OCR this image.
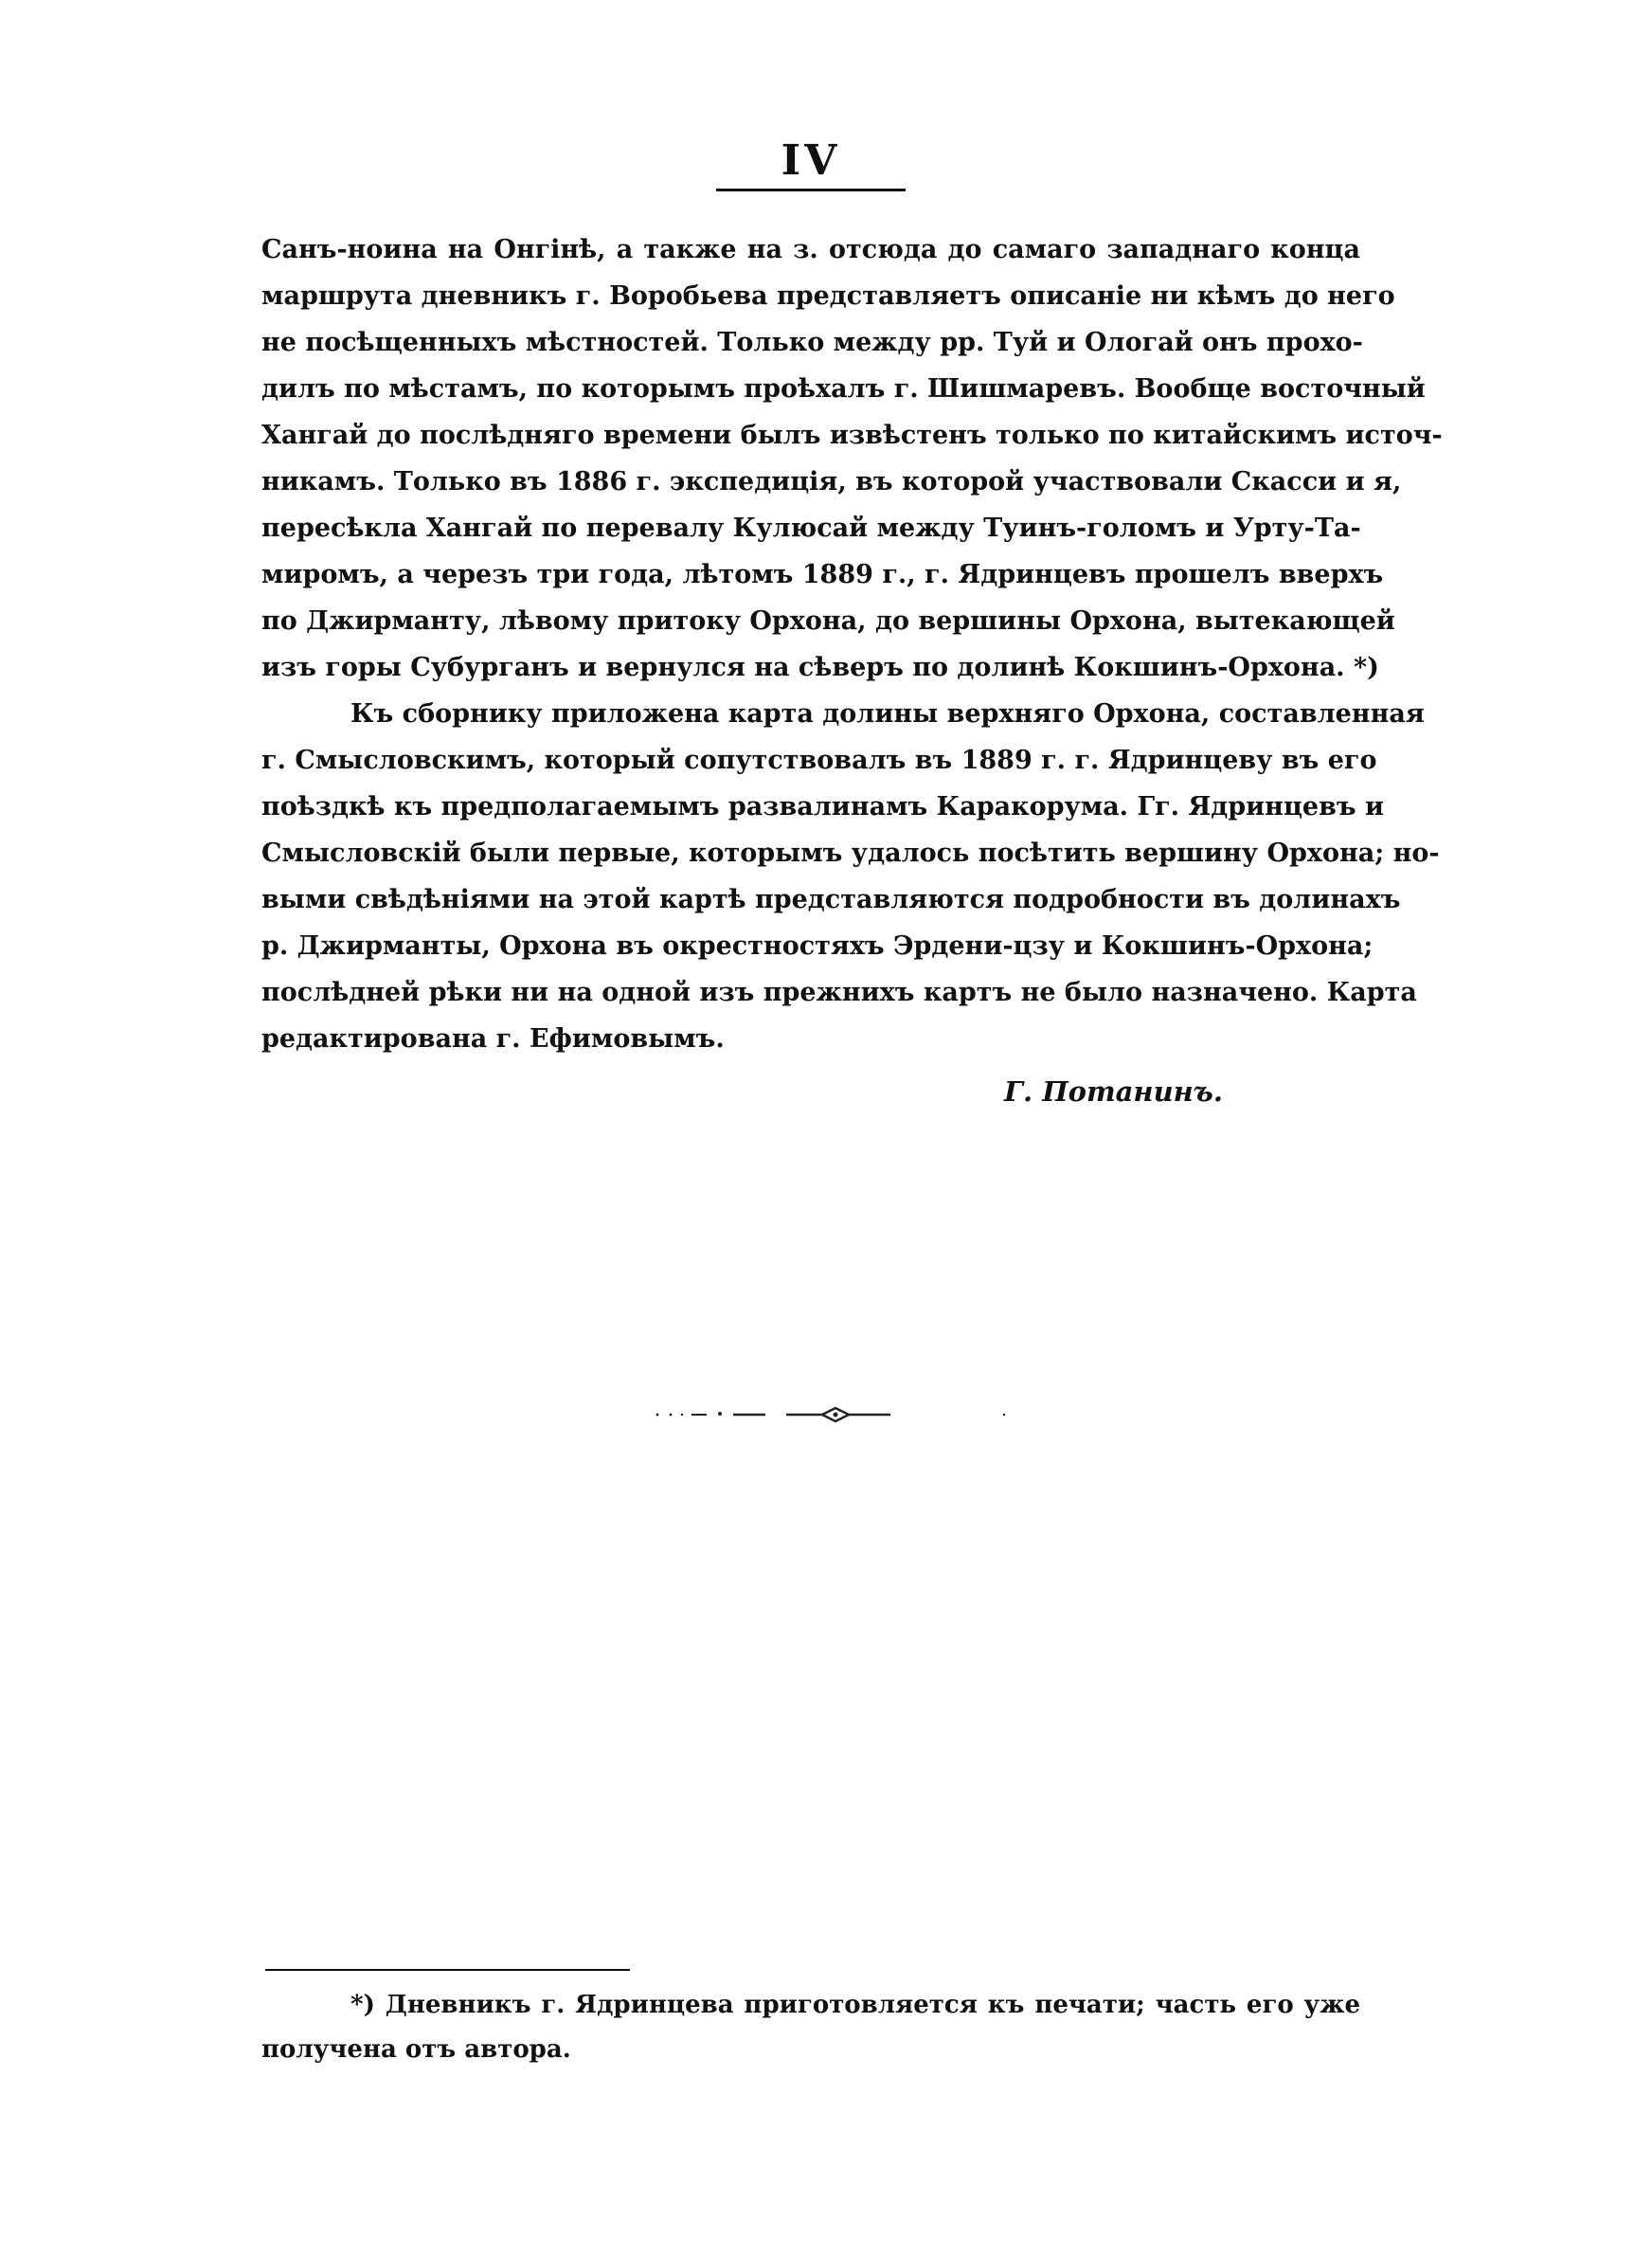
IV
Санъ-ноина на Онгінѣ, а также на з. отсюда до самаго западнаго конца
маршрута дневникъ г. Воробьева представляетъ описаніе ни кѣмъ до него
не посѣщенныхъ мѣстностей. Только между рр. Туй и Ологай онъ прохо-
дилъ по мѣстамъ, по которымъ проѣхалъ г. Шишмаревъ. Вообще восточный
Хангай до послѣдняго времени былъ извѣстенъ только по китайскимъ источ-
никамъ. Только въ 1886 г. экспедиція, въ которой участвовали Скасси и я,
пересѣкла Хангай по перевалу Кулюсай между Туинъ-голомъ и Урту-Та-
миромъ, а черезъ три года, лѣтомъ 1889 г., г. Ядринцевъ прошелъ вверхъ
по Джирманту, лѣвому притоку Орхона, до вершины Орхона, вытекающей
изъ горы Субурганъ и вернулся на сѣверъ по долинѣ Кокшинъ-Орхона. *)
Къ сборнику приложена карта долины верхняго Орхона, составленная
г. Смысловскимъ, который сопутствовалъ въ 1889 г. г. Ядринцеву въ его
поѣздкѣ къ предполагаемымъ развалинамъ Каракорума. Гг. Ядринцевъ и
Смысловскій были первые, которымъ удалось посѣтить вершину Орхона; но-
выми свѣдѣніями на этой картѣ представляются подробности въ долинахъ
р. Джирманты, Орхона въ окрестностяхъ Эрдени-цзу и Кокшинъ-Орхона;
послѣдней рѣки ни на одной изъ прежнихъ картъ не было назначено. Карта
редактирована г. Ефимовымъ.
Г. Потанинъ.
*) Дневникъ г. Ядринцева приготовляется къ печати; часть его уже
получена отъ автора.
